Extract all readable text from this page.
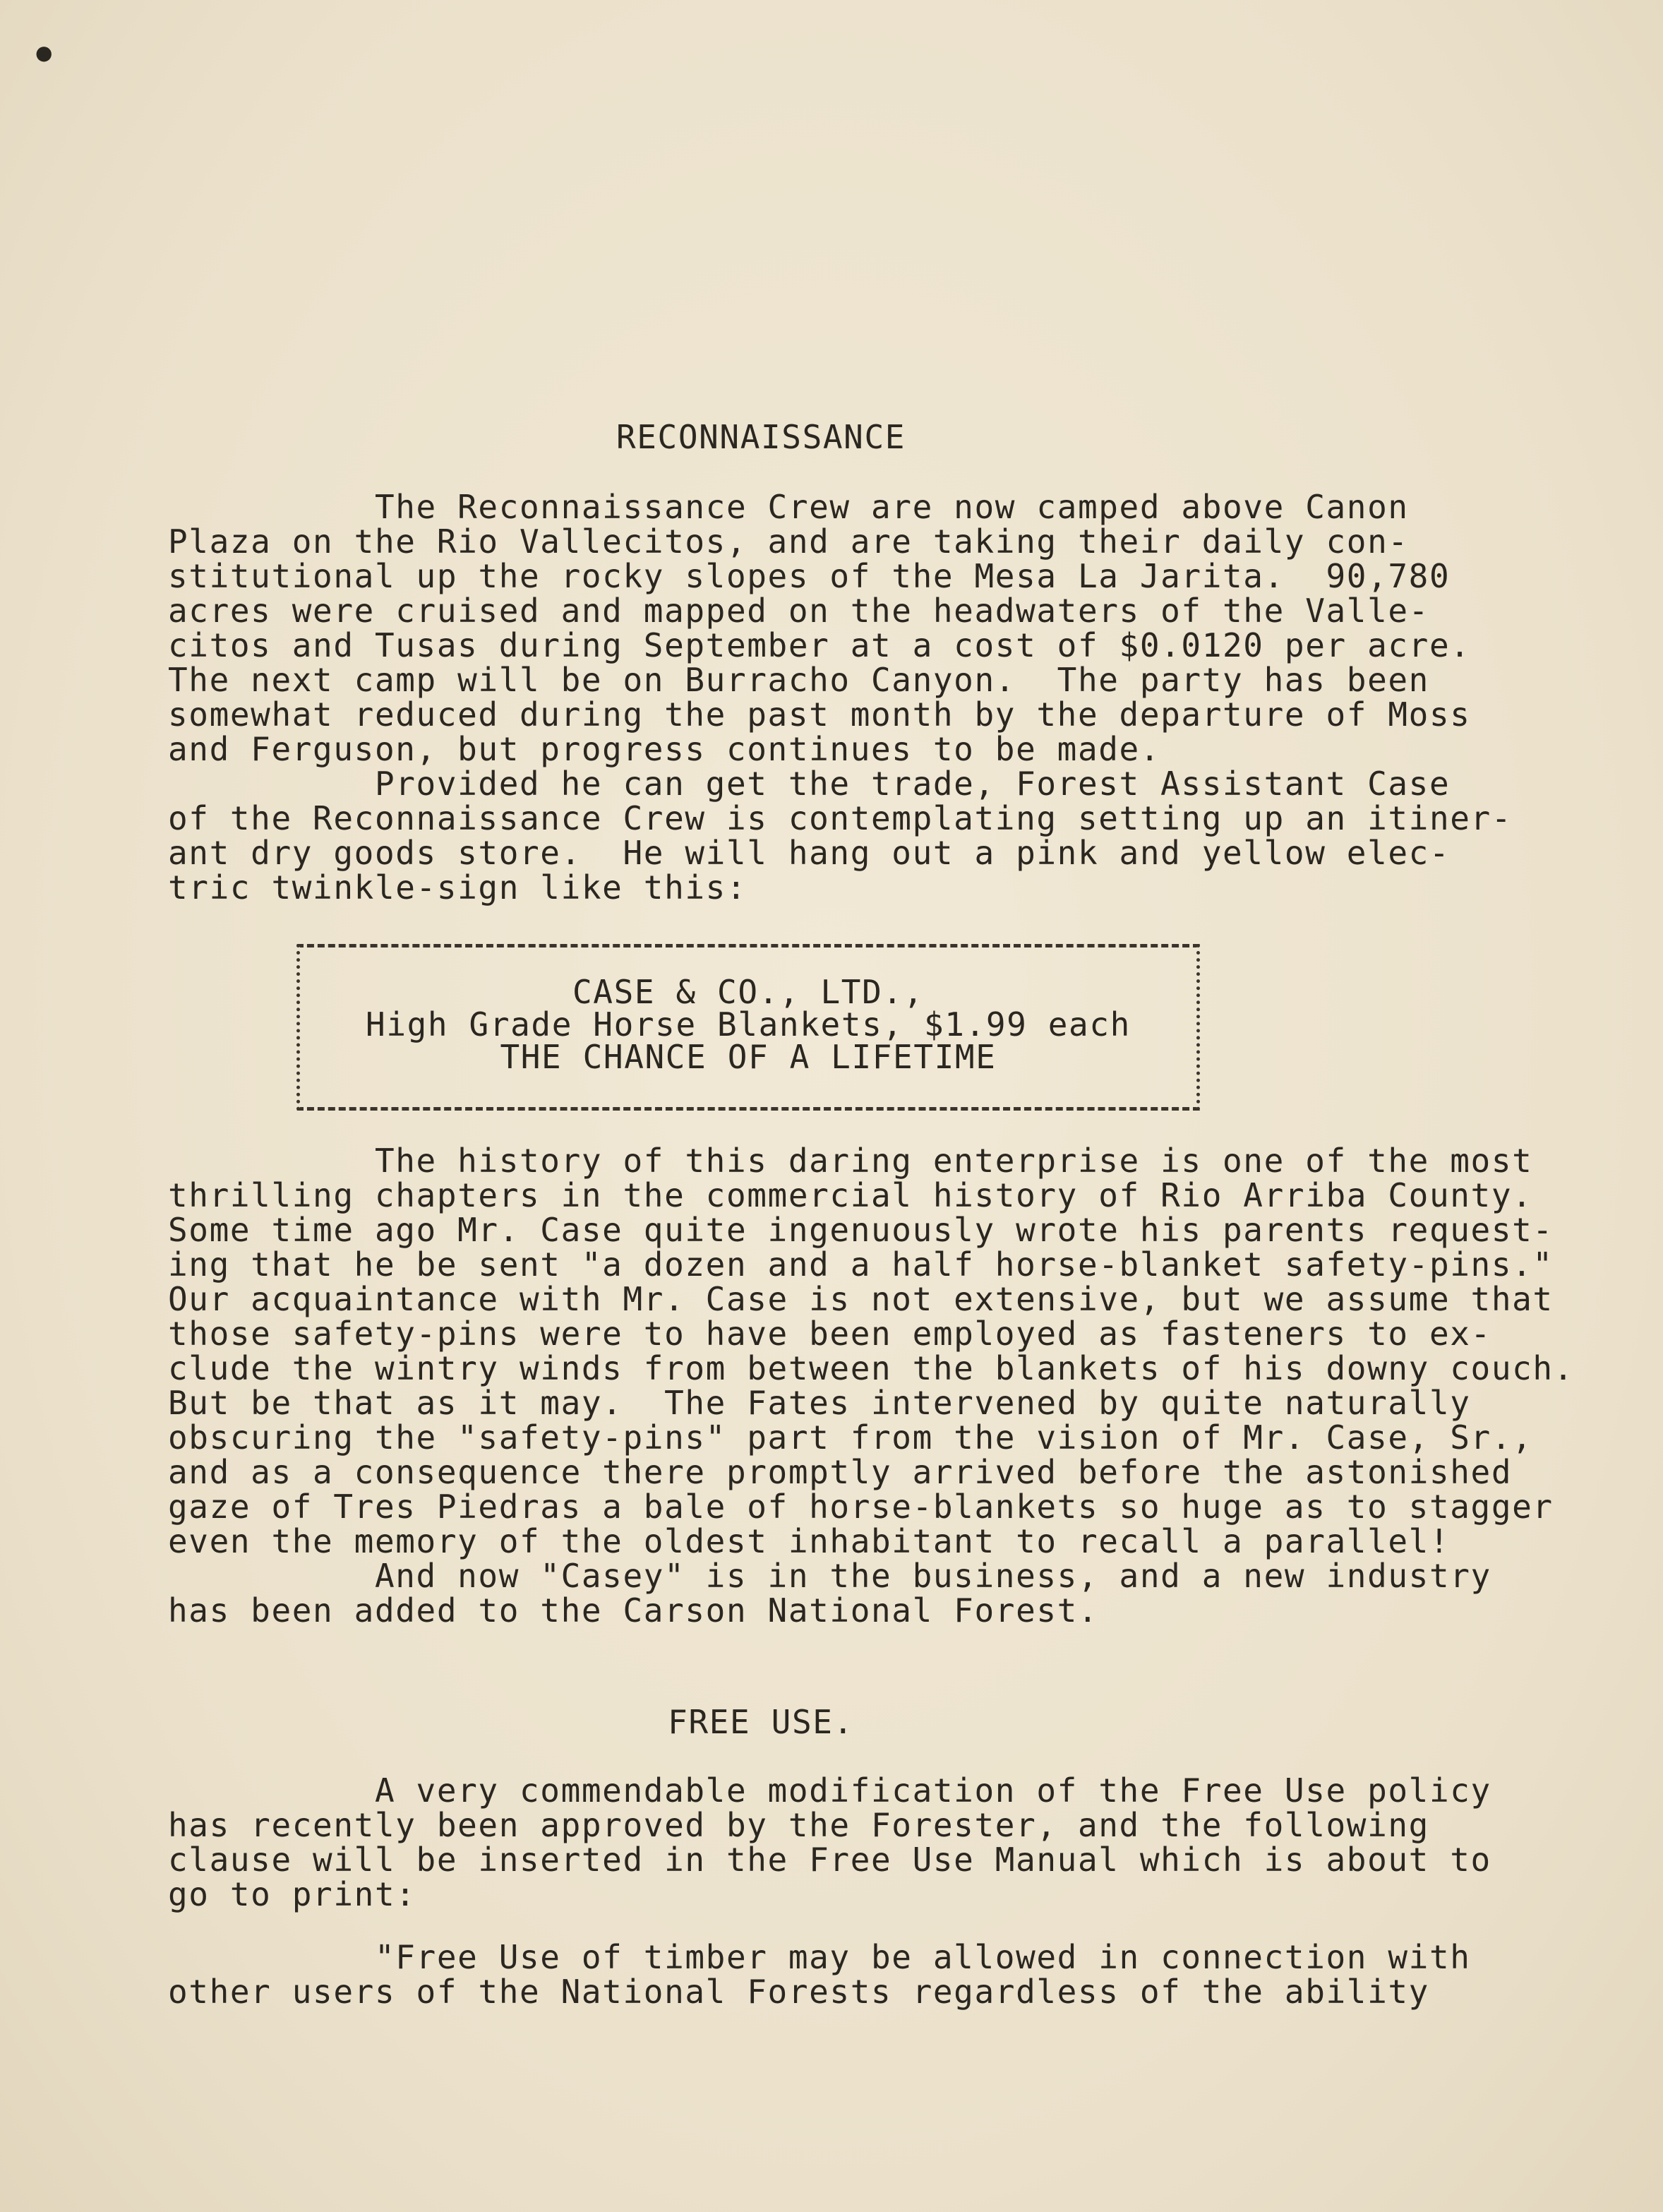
●
RECONNAISSANCE
The Reconnaissance Crew are now camped above Canon
Plaza on the Rio Vallecitos, and are taking their daily con-
stitutional up the rocky slopes of the Mesa La Jarita.  90,780
acres were cruised and mapped on the headwaters of the Valle-
citos and Tusas during September at a cost of $0.0120 per acre.
The next camp will be on Burracho Canyon.  The party has been
somewhat reduced during the past month by the departure of Moss
and Ferguson, but progress continues to be made.
Provided he can get the trade, Forest Assistant Case
of the Reconnaissance Crew is contemplating setting up an itiner-
ant dry goods store.  He will hang out a pink and yellow elec-
tric twinkle-sign like this:
CASE & CO., LTD.,
High Grade Horse Blankets, $1.99 each
THE CHANCE OF A LIFETIME
The history of this daring enterprise is one of the most
thrilling chapters in the commercial history of Rio Arriba County.
Some time ago Mr. Case quite ingenuously wrote his parents request-
ing that he be sent "a dozen and a half horse-blanket safety-pins."
Our acquaintance with Mr. Case is not extensive, but we assume that
those safety-pins were to have been employed as fasteners to ex-
clude the wintry winds from between the blankets of his downy couch.
But be that as it may.  The Fates intervened by quite naturally
obscuring the "safety-pins" part from the vision of Mr. Case, Sr.,
and as a consequence there promptly arrived before the astonished
gaze of Tres Piedras a bale of horse-blankets so huge as to stagger
even the memory of the oldest inhabitant to recall a parallel!
And now "Casey" is in the business, and a new industry
has been added to the Carson National Forest.
FREE USE.
A very commendable modification of the Free Use policy
has recently been approved by the Forester, and the following
clause will be inserted in the Free Use Manual which is about to
go to print:
"Free Use of timber may be allowed in connection with
other users of the National Forests regardless of the ability
